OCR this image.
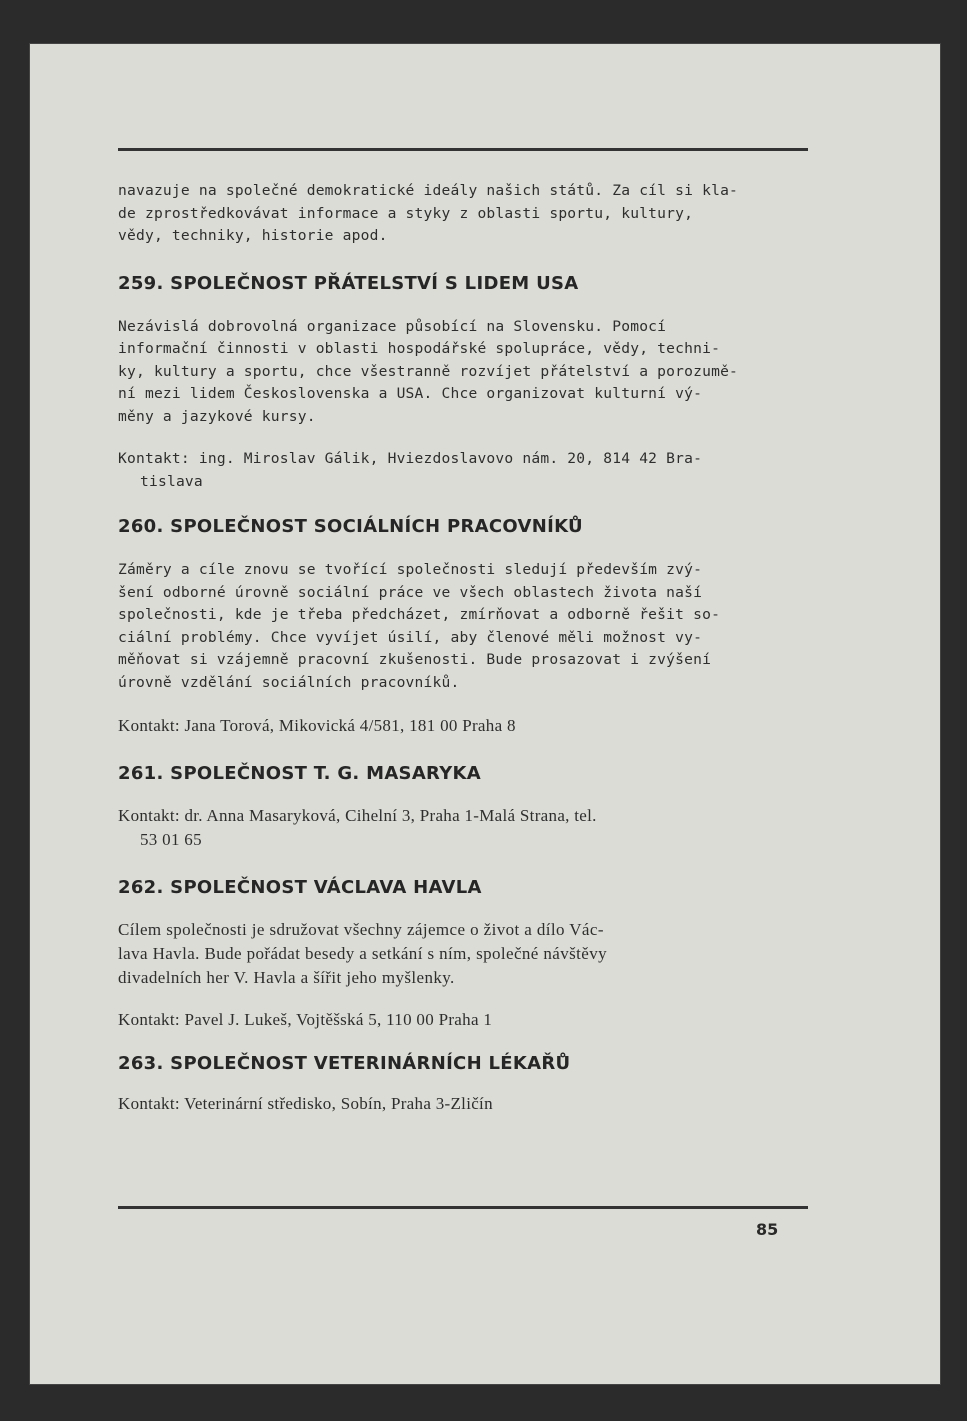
navazuje na společné demokratické ideály našich států. Za cíl si kla-

de zprostředkovávat informace a styky z oblasti sportu, kultury,

vědy, techniky, historie apod.

259. SPOLEČNOST PŘÁTELSTVÍ S LIDEM USA

Nezávislá dobrovolná organizace působící na Slovensku. Pomocí

informační činnosti v oblasti hospodářské spolupráce, vědy, techni-

ky, kultury a sportu, chce všestranně rozvíjet přátelství a porozumě-

ní mezi lidem Československa a USA. Chce organizovat kulturní vý-

měny a jazykové kursy.

Kontakt: ing. Miroslav Gálik, Hviezdoslavovo nám. 20, 814 42 Bra-

tislava

260. SPOLEČNOST SOCIÁLNÍCH PRACOVNÍKŮ

Záměry a cíle znovu se tvořící společnosti sledují především zvý-

šení odborné úrovně sociální práce ve všech oblastech života naší

společnosti, kde je třeba předcházet, zmírňovat a odborně řešit so-

ciální problémy. Chce vyvíjet úsilí, aby členové měli možnost vy-

měňovat si vzájemně pracovní zkušenosti. Bude prosazovat i zvýšení

úrovně vzdělání sociálních pracovníků.

Kontakt: Jana Torová, Mikovická 4/581, 181 00 Praha 8

261. SPOLEČNOST T. G. MASARYKA

Kontakt: dr. Anna Masaryková, Cihelní 3, Praha 1-Malá Strana, tel.

53 01 65

262. SPOLEČNOST VÁCLAVA HAVLA

Cílem společnosti je sdružovat všechny zájemce o život a dílo Vác-

lava Havla. Bude pořádat besedy a setkání s ním, společné návštěvy

divadelních her V. Havla a šířit jeho myšlenky.

Kontakt: Pavel J. Lukeš, Vojtěšská 5, 110 00 Praha 1

263. SPOLEČNOST VETERINÁRNÍCH LÉKAŘŮ

Kontakt: Veterinární středisko, Sobín, Praha 3-Zličín

85
